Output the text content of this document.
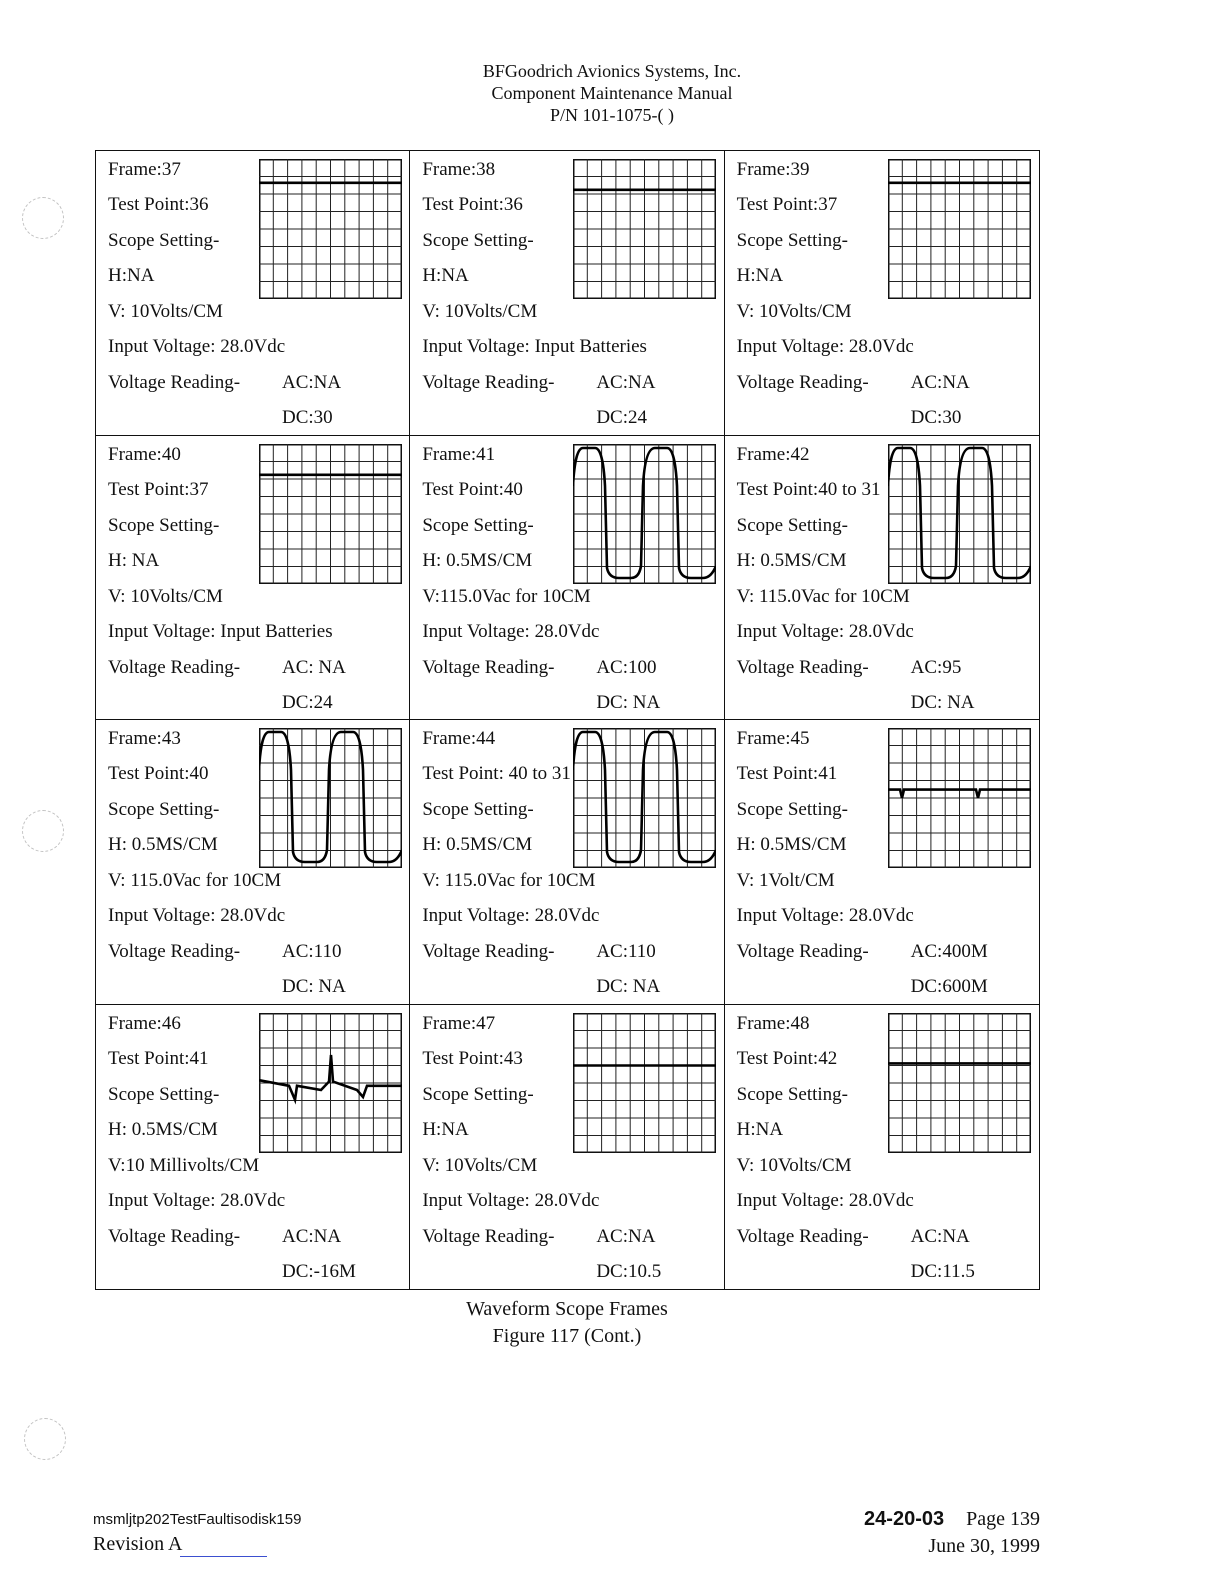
BFGoodrich Avionics Systems, Inc.
Component Maintenance Manual
P/N 101-1075-( )
Frame:37
Test Point:36
Scope Setting-
H:NA
V: 10Volts/CM
Input Voltage: 28.0Vdc
Voltage Reading- AC:NA
DC:30
Frame:38
Test Point:36
Scope Setting-
H:NA
V: 10Volts/CM
Input Voltage: Input Batteries
Voltage Reading- AC:NA
DC:24
Frame:39
Test Point:37
Scope Setting-
H:NA
V: 10Volts/CM
Input Voltage: 28.0Vdc
Voltage Reading- AC:NA
DC:30
Frame:40
Test Point:37
Scope Setting-
H: NA
V: 10Volts/CM
Input Voltage: Input Batteries
Voltage Reading- AC: NA
DC:24
Frame:41
Test Point:40
Scope Setting-
H: 0.5MS/CM
V:115.0Vac for 10CM
Input Voltage: 28.0Vdc
Voltage Reading- AC:100
DC: NA
Frame:42
Test Point:40 to 31
Scope Setting-
H: 0.5MS/CM
V: 115.0Vac for 10CM
Input Voltage: 28.0Vdc
Voltage Reading- AC:95
DC: NA
Frame:43
Test Point:40
Scope Setting-
H: 0.5MS/CM
V: 115.0Vac for 10CM
Input Voltage: 28.0Vdc
Voltage Reading- AC:110
DC: NA
Frame:44
Test Point: 40 to 31
Scope Setting-
H: 0.5MS/CM
V: 115.0Vac for 10CM
Input Voltage: 28.0Vdc
Voltage Reading- AC:110
DC: NA
Frame:45
Test Point:41
Scope Setting-
H: 0.5MS/CM
V: 1Volt/CM
Input Voltage: 28.0Vdc
Voltage Reading- AC:400M
DC:600M
Frame:46
Test Point:41
Scope Setting-
H: 0.5MS/CM
V:10 Millivolts/CM
Input Voltage: 28.0Vdc
Voltage Reading- AC:NA
DC:-16M
Frame:47
Test Point:43
Scope Setting-
H:NA
V: 10Volts/CM
Input Voltage: 28.0Vdc
Voltage Reading- AC:NA
DC:10.5
Frame:48
Test Point:42
Scope Setting-
H:NA
V: 10Volts/CM
Input Voltage: 28.0Vdc
Voltage Reading- AC:NA
DC:11.5
Waveform Scope Frames
Figure 117 (Cont.)
msmljtp202TestFaultisodisk159
Revision A
24-20-03 Page 139
June 30, 1999
